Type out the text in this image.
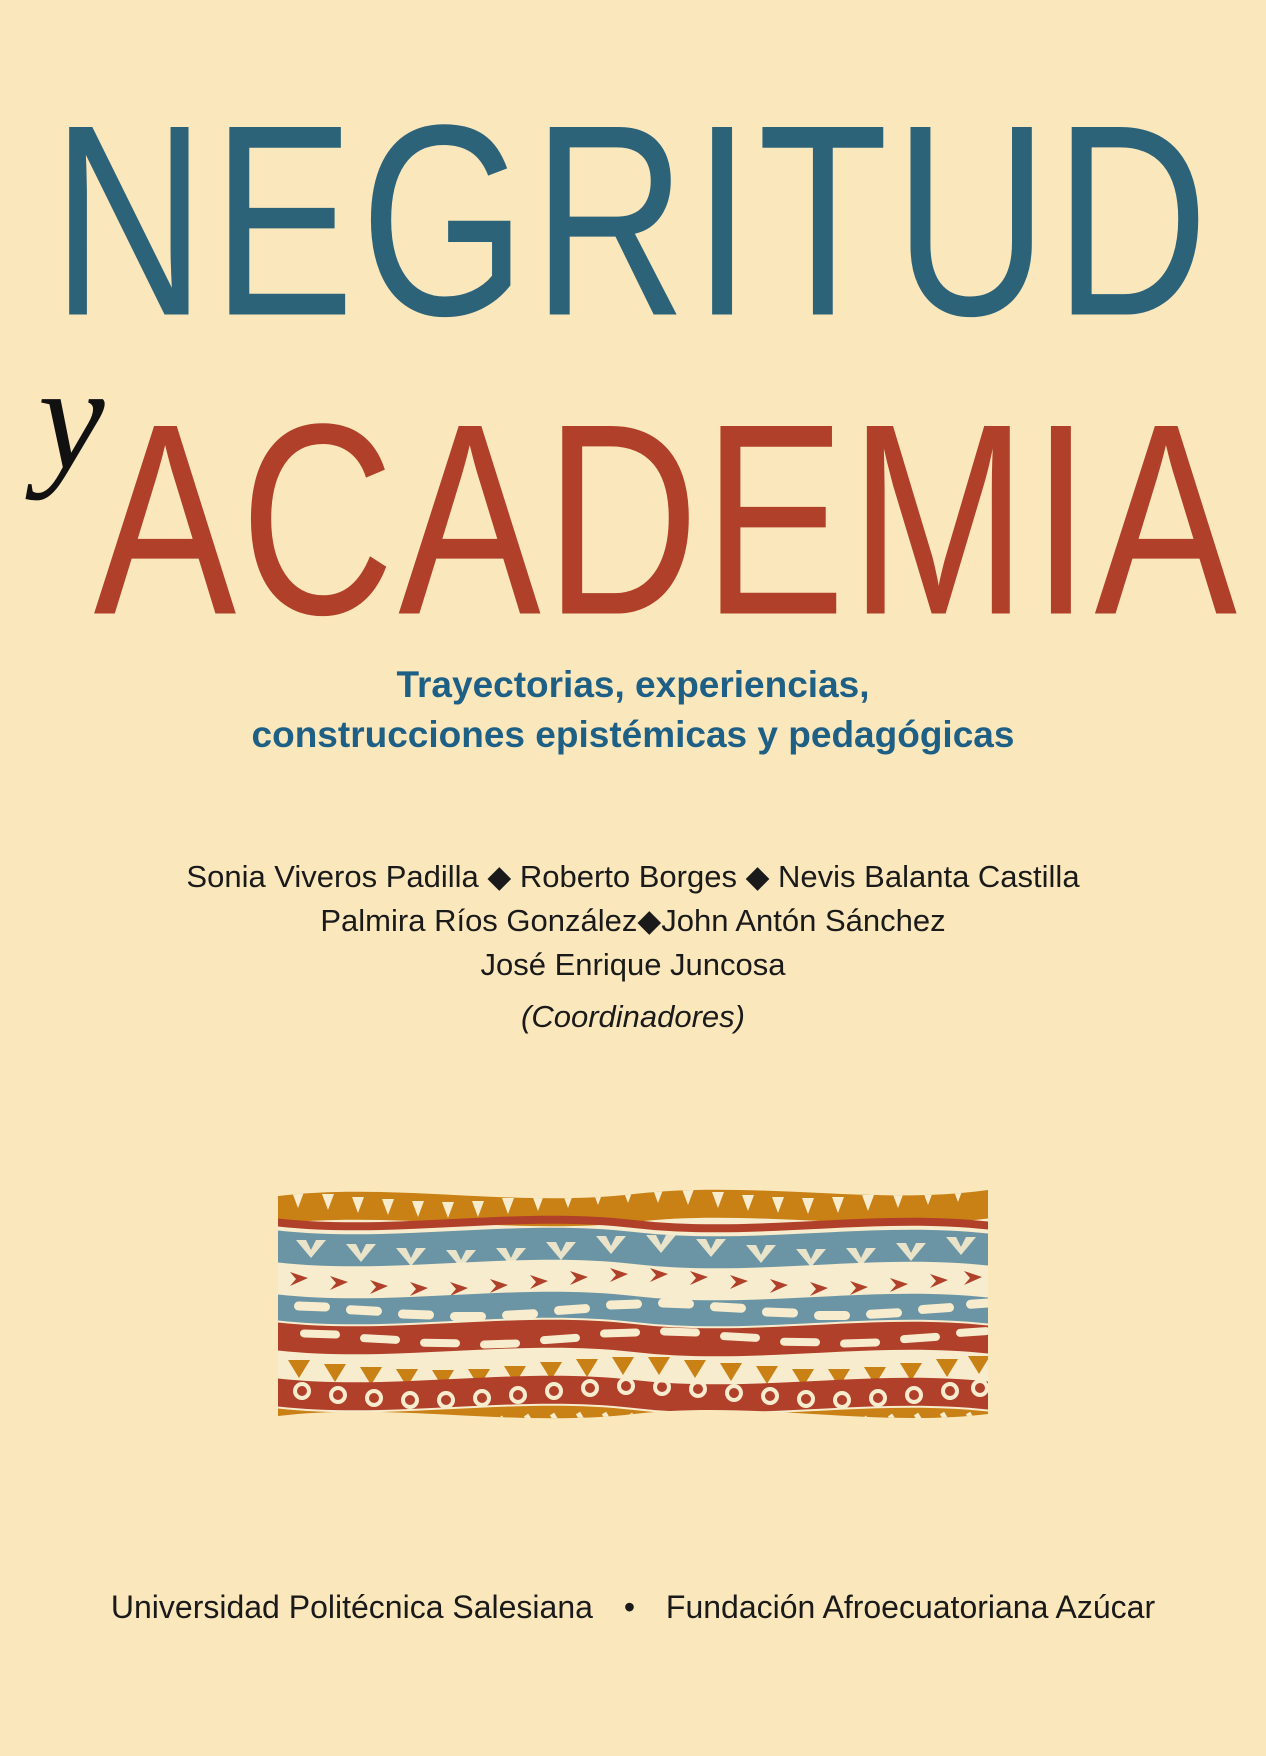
NEGRITUD
y
ACADEMIA
Trayectorias, experiencias,
construcciones epistémicas y pedagógicas
Sonia Viveros Padilla ◆ Roberto Borges ◆ Nevis Balanta Castilla
Palmira Ríos González◆John Antón Sánchez
José Enrique Juncosa
(Coordinadores)
Universidad Politécnica Salesiana • Fundación Afroecuatoriana Azúcar
